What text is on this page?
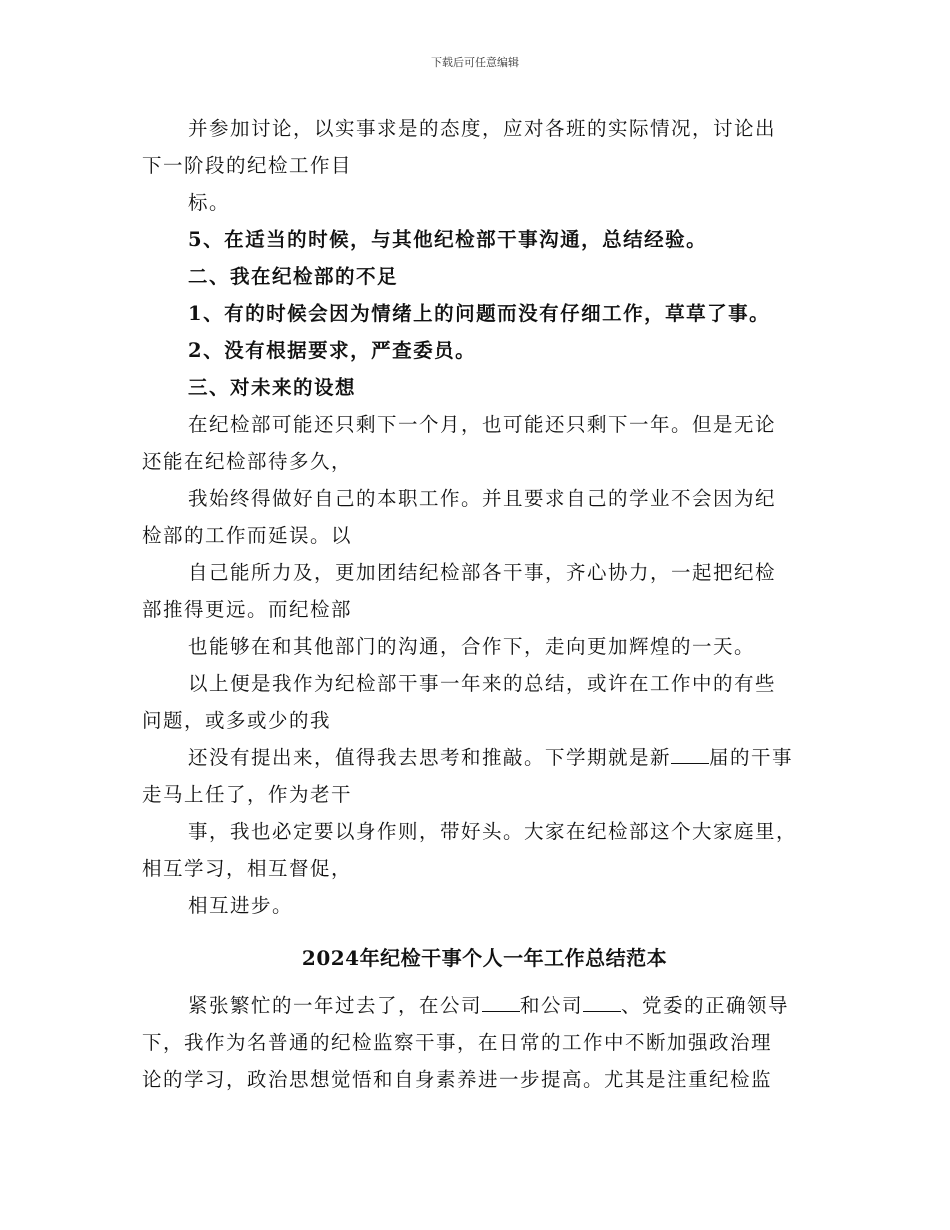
下载后可任意编辑
并参加讨论，以实事求是的态度，应对各班的实际情况，讨论出
下一阶段的纪检工作目
标。
5、在适当的时候，与其他纪检部干事沟通，总结经验。
二、我在纪检部的不足
1、有的时候会因为情绪上的问题而没有仔细工作，草草了事。
2、没有根据要求，严查委员。
三、对未来的设想
在纪检部可能还只剩下一个月，也可能还只剩下一年。但是无论
还能在纪检部待多久，
我始终得做好自己的本职工作。并且要求自己的学业不会因为纪
检部的工作而延误。以
自己能所力及，更加团结纪检部各干事，齐心协力，一起把纪检
部推得更远。而纪检部
也能够在和其他部门的沟通，合作下，走向更加辉煌的一天。
以上便是我作为纪检部干事一年来的总结，或许在工作中的有些
问题，或多或少的我
还没有提出来，值得我去思考和推敲。下学期就是新 届的干事
走马上任了，作为老干
事，我也必定要以身作则，带好头。大家在纪检部这个大家庭里，
相互学习，相互督促，
相互进步。
2024年纪检干事个人一年工作总结范本
紧张繁忙的一年过去了，在公司 和公司 、党委的正确领导
下，我作为名普通的纪检监察干事，在日常的工作中不断加强政治理
论的学习，政治思想觉悟和自身素养进一步提高。尤其是注重纪检监
